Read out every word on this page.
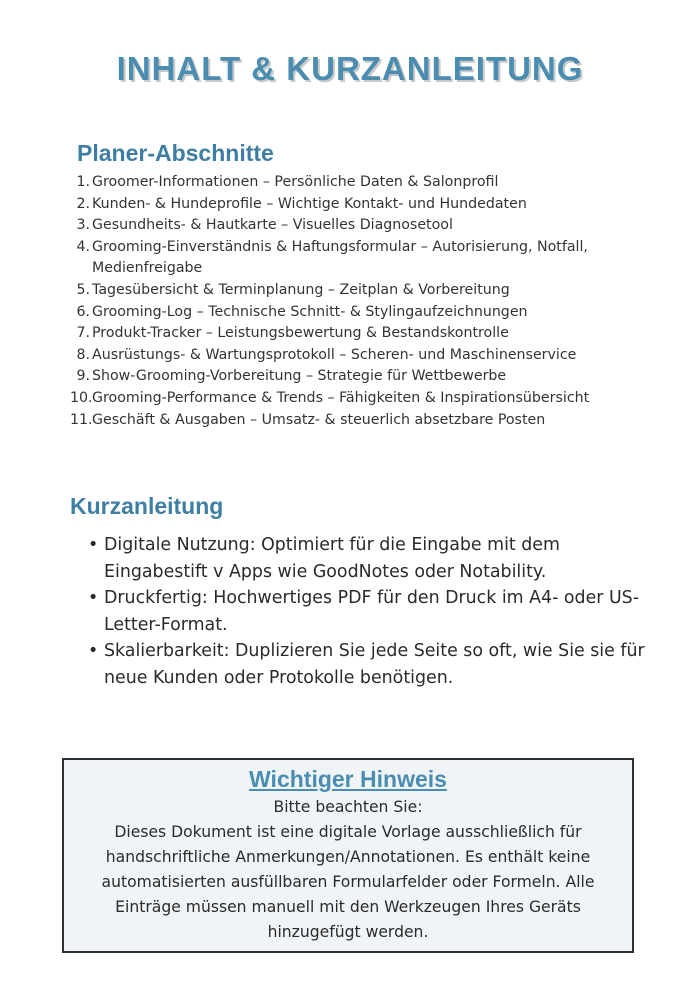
INHALT & KURZANLEITUNG
Planer-Abschnitte
1. Groomer-Informationen – Persönliche Daten & Salonprofil
2. Kunden- & Hundeprofile – Wichtige Kontakt- und Hundedaten
3. Gesundheits- & Hautkarte – Visuelles Diagnosetool
4. Grooming-Einverständnis & Haftungsformular – Autorisierung, Notfall, Medienfreigabe
5. Tagesübersicht & Terminplanung – Zeitplan & Vorbereitung
6. Grooming-Log – Technische Schnitt- & Stylingaufzeichnungen
7. Produkt-Tracker – Leistungsbewertung & Bestandskontrolle
8. Ausrüstungs- & Wartungsprotokoll – Scheren- und Maschinenservice
9. Show-Grooming-Vorbereitung – Strategie für Wettbewerbe
10. Grooming-Performance & Trends – Fähigkeiten & Inspirationsübersicht
11. Geschäft & Ausgaben – Umsatz- & steuerlich absetzbare Posten
Kurzanleitung
• Digitale Nutzung: Optimiert für die Eingabe mit dem Eingabestift v Apps wie GoodNotes oder Notability.
• Druckfertig: Hochwertiges PDF für den Druck im A4- oder US-Letter-Format.
• Skalierbarkeit: Duplizieren Sie jede Seite so oft, wie Sie sie für neue Kunden oder Protokolle benötigen.
Wichtiger Hinweis
Bitte beachten Sie:
Dieses Dokument ist eine digitale Vorlage ausschließlich für handschriftliche Anmerkungen/Annotationen. Es enthält keine automatisierten ausfüllbaren Formularfelder oder Formeln. Alle Einträge müssen manuell mit den Werkzeugen Ihres Geräts hinzugefügt werden.
